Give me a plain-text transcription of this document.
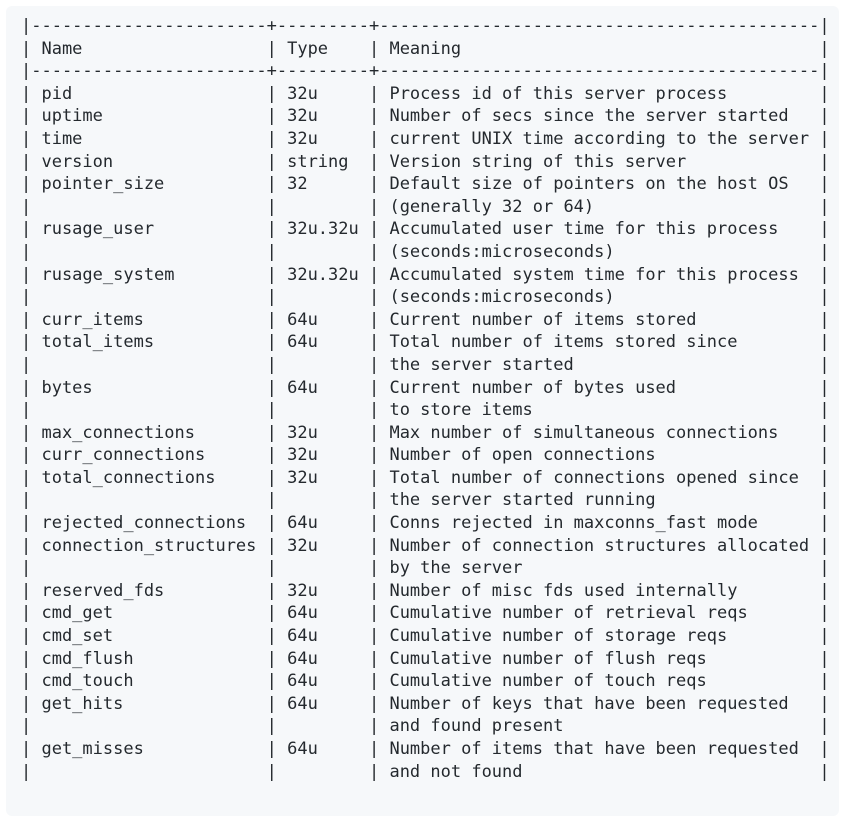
|-----------------------+---------+-------------------------------------------|
| Name                  | Type    | Meaning                                   |
|-----------------------+---------+-------------------------------------------|
| pid                   | 32u     | Process id of this server process         |
| uptime                | 32u     | Number of secs since the server started   |
| time                  | 32u     | current UNIX time according to the server |
| version               | string  | Version string of this server             |
| pointer_size          | 32      | Default size of pointers on the host OS   |
|                       |         | (generally 32 or 64)                      |
| rusage_user           | 32u.32u | Accumulated user time for this process    |
|                       |         | (seconds:microseconds)                    |
| rusage_system         | 32u.32u | Accumulated system time for this process  |
|                       |         | (seconds:microseconds)                    |
| curr_items            | 64u     | Current number of items stored            |
| total_items           | 64u     | Total number of items stored since        |
|                       |         | the server started                        |
| bytes                 | 64u     | Current number of bytes used              |
|                       |         | to store items                            |
| max_connections       | 32u     | Max number of simultaneous connections    |
| curr_connections      | 32u     | Number of open connections                |
| total_connections     | 32u     | Total number of connections opened since  |
|                       |         | the server started running                |
| rejected_connections  | 64u     | Conns rejected in maxconns_fast mode      |
| connection_structures | 32u     | Number of connection structures allocated |
|                       |         | by the server                             |
| reserved_fds          | 32u     | Number of misc fds used internally        |
| cmd_get               | 64u     | Cumulative number of retrieval reqs       |
| cmd_set               | 64u     | Cumulative number of storage reqs         |
| cmd_flush             | 64u     | Cumulative number of flush reqs           |
| cmd_touch             | 64u     | Cumulative number of touch reqs           |
| get_hits              | 64u     | Number of keys that have been requested   |
|                       |         | and found present                         |
| get_misses            | 64u     | Number of items that have been requested  |
|                       |         | and not found                             |
